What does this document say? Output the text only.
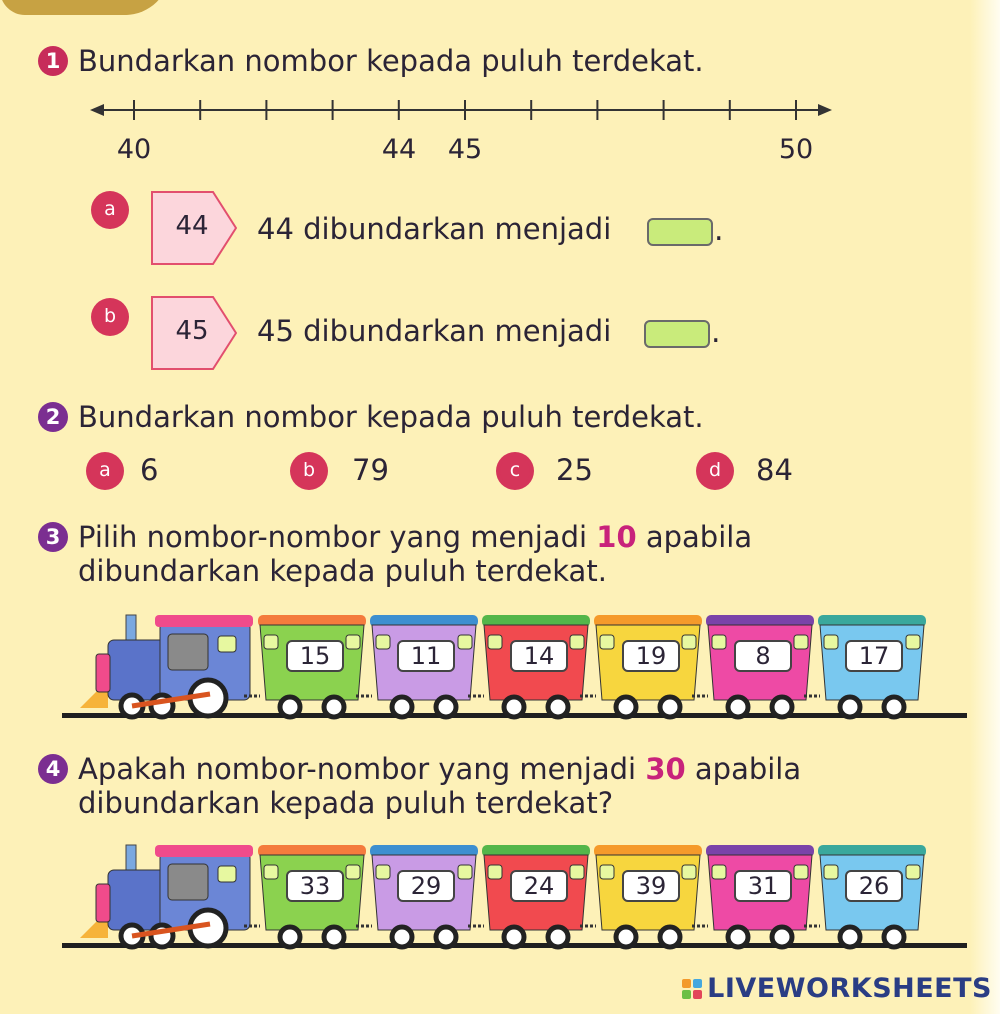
1 Bundarkan nombor kepada puluh terdekat.
40	44 45	50
a
44	44 dibundarkan menjadi	.
b	45	45 dibundarkan menjadi	.
2 Bundarkan nombor kepada puluh terdekat.
a	6	b	79	c	25	d	84
3 Pilih nombor-nombor yang menjadi 10 apabila
dibundarkan kepada puluh terdekat.
15	11	14	19	8	17
4 Apakah nombor-nombor yang menjadi 30 apabila
dibundarkan kepada puluh terdekat?
33	29	24	39	31	26
LIVEWORKSHEETS
